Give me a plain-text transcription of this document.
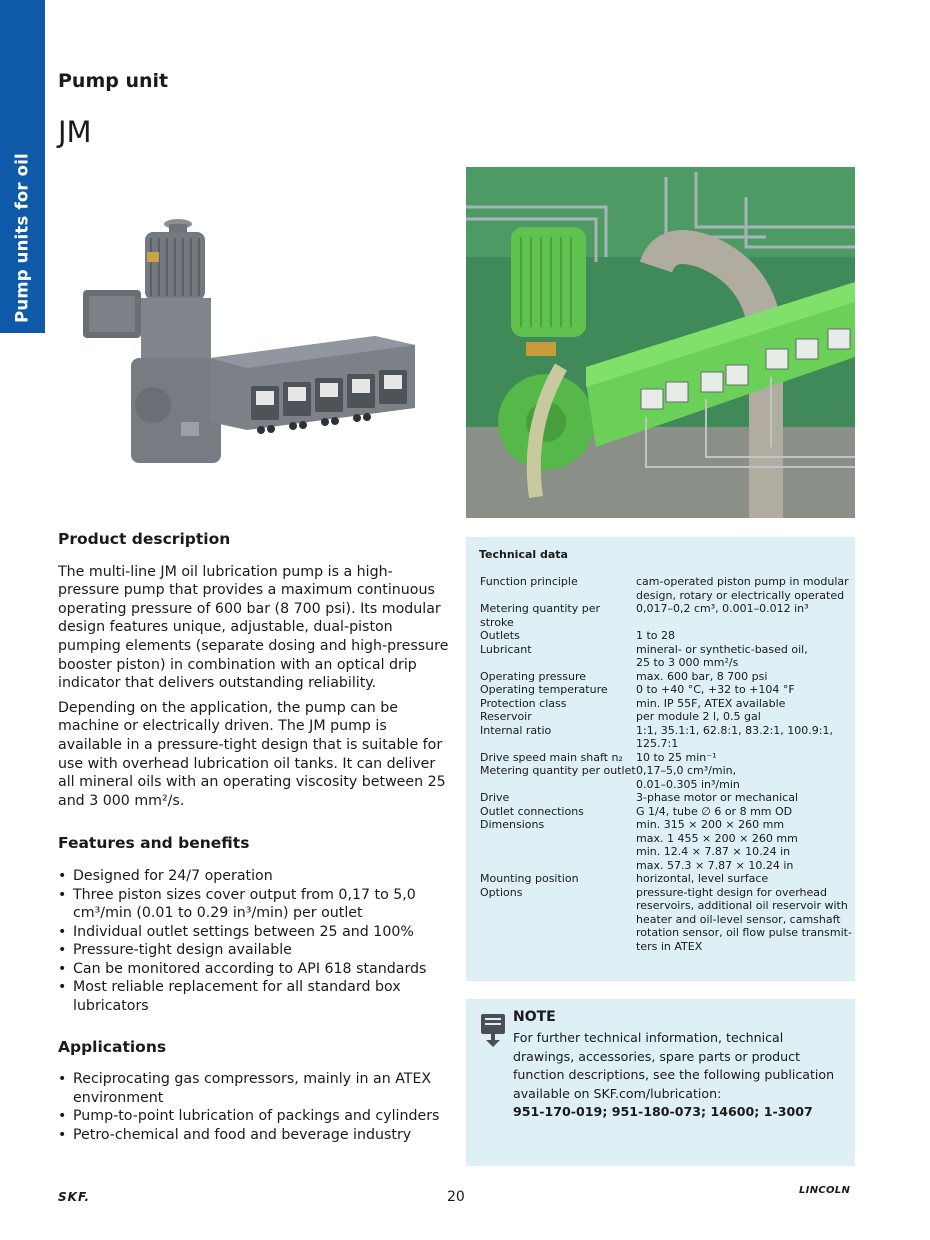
Pump units for oil
Pump unit
JM
Product description

The multi-line JM oil lubrication pump is a high-pressure pump that provides a maximum continuous operating pressure of 600 bar (8 700 psi). Its modular design features unique, adjustable, dual-piston pumping elements (separate dosing and high-pressure booster piston) in combination with an optical drip indicator that delivers outstanding reliability.

Depending on the application, the pump can be machine or electrically driven. The JM pump is available in a pressure-tight design that is suitable for use with overhead lubrication oil tanks. It can deliver all mineral oils with an operating viscosity between 25 and 3 000 mm²/s.

Features and benefits
• Designed for 24/7 operation
• Three piston sizes cover output from 0,17 to 5,0 cm³/min (0.01 to 0.29 in³/min) per outlet
• Individual outlet settings between 25 and 100%
• Pressure-tight design available
• Can be monitored according to API 618 standards
• Most reliable replacement for all standard box lubricators
Applications
• Reciprocating gas compressors, mainly in an ATEX environment
• Pump-to-point lubrication of packings and cylinders
• Petro-chemical and food and beverage industry
Technical data
Function principle	cam-operated piston pump in modular
design, rotary or electrically operated
Metering quantity per stroke
0,017–0,2 cm³, 0.001–0.012 in³
Outlets	1 to 28
Lubricant	mineral- or synthetic-based oil,
25 to 3 000 mm²/s
Operating pressure	max. 600 bar, 8 700 psi
Operating temperature	0 to +40 °C, +32 to +104 °F
Protection class	min. IP 55F, ATEX available
Reservoir	per module 2 l, 0.5 gal
Internal ratio	1:1, 35.1:1, 62.8:1, 83.2:1, 100.9:1,
125.7:1
Drive speed main shaft n₂	10 to 25 min⁻¹
Metering quantity per outlet 0,17–5,0 cm³/min,
0.01–0.305 in³/min
Drive	3-phase motor or mechanical
Outlet connections	G 1/4, tube ∅ 6 or 8 mm OD
Dimensions	min. 315 × 200 × 260 mm
max. 1 455 × 200 × 260 mm
min. 12.4 × 7.87 × 10.24 in
max. 57.3 × 7.87 × 10.24 in
Mounting position	horizontal, level surface
Options	pressure-tight design for overhead
reservoirs, additional oil reservoir with
heater and oil-level sensor, camshaft
rotation sensor, oil flow pulse transmit-
ters in ATEX
NOTE
For further technical information, technical drawings, accessories, spare parts or product function descriptions, see the following publication available on SKF.com/lubrication:
951-170-019; 951-180-073; 14600; 1-3007
SKF.	20	LINCOLN
